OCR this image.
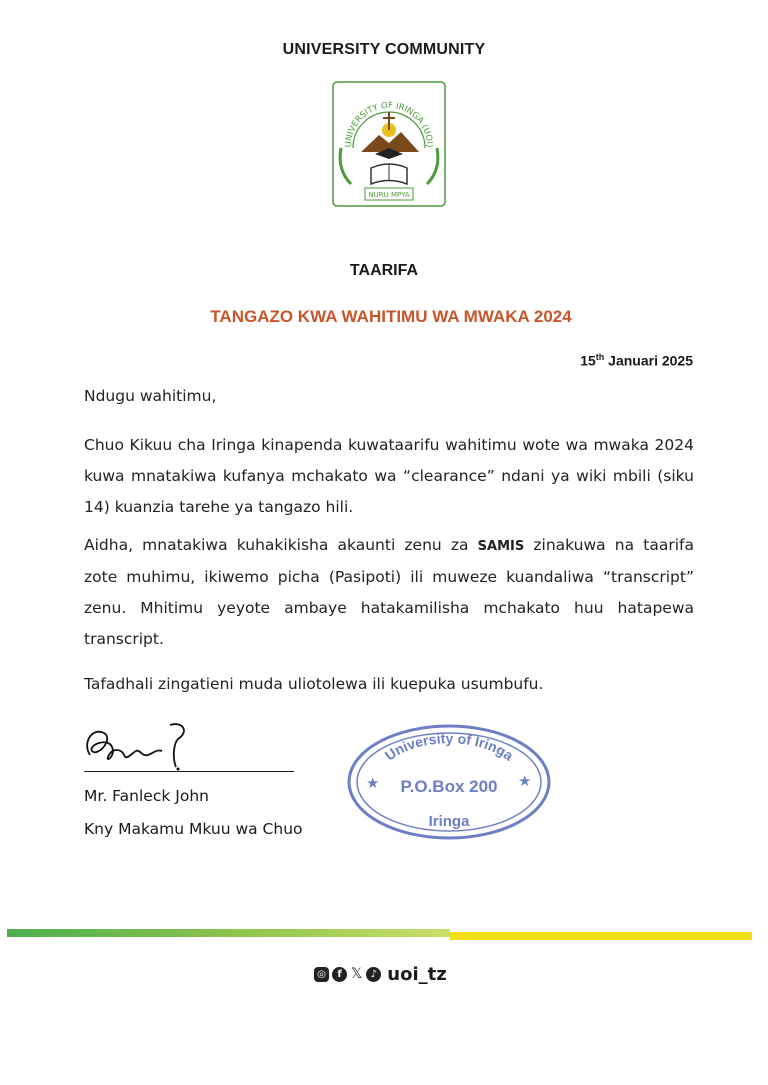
UNIVERSITY COMMUNITY
UNIVERSITY OF IRINGA (UOI)
NURU MPYA
TAARIFA
TANGAZO KWA WAHITIMU WA MWAKA 2024
15th Januari 2025
Ndugu wahitimu,
Chuo Kikuu cha Iringa kinapenda kuwataarifu wahitimu wote wa mwaka 2024 kuwa mnatakiwa kufanya mchakato wa “clearance” ndani ya wiki mbili (siku 14) kuanzia tarehe ya tangazo hili.
Aidha, mnatakiwa kuhakikisha akaunti zenu za SAMIS zinakuwa na taarifa zote muhimu, ikiwemo picha (Pasipoti) ili muweze kuandaliwa “transcript” zenu. Mhitimu yeyote ambaye hatakamilisha mchakato huu hatapewa transcript.
Tafadhali zingatieni muda uliotolewa ili kuepuka usumbufu.
Mr. Fanleck John
Kny Makamu Mkuu wa Chuo
University of Iringa
P.O.Box 200
Iringa
★	★
◎	f 𝕏 ♪ uoi_tz
